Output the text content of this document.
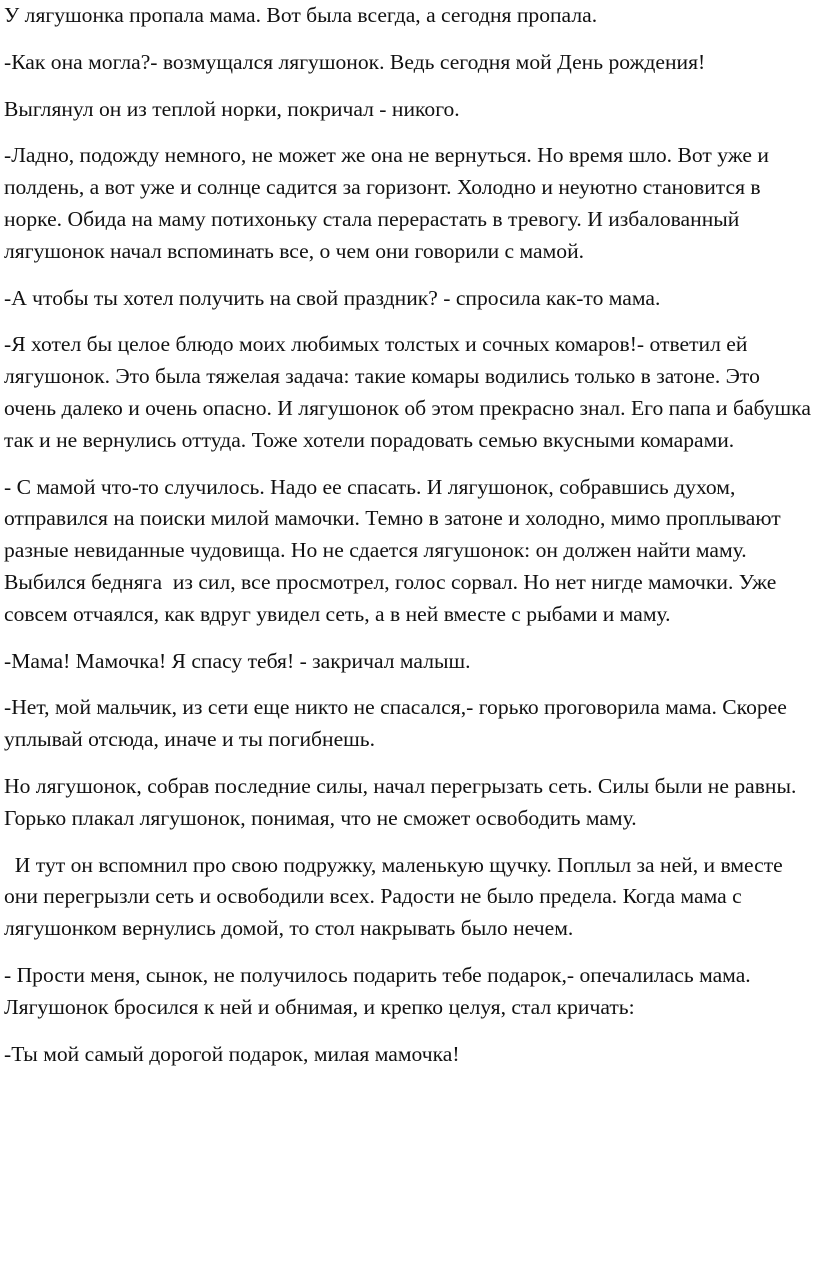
У лягушонка пропала мама. Вот была всегда, а сегодня пропала.

-Как она могла?- возмущался лягушонок. Ведь сегодня мой День рождения!

Выглянул он из теплой норки, покричал - никого.

-Ладно, подожду немного, не может же она не вернуться. Но время шло. Вот уже и полдень, а вот уже и солнце садится за горизонт. Холодно и неуютно становится в норке. Обида на маму потихоньку стала перерастать в тревогу. И избалованный лягушонок начал вспоминать все, о чем они говорили с мамой.

-А чтобы ты хотел получить на свой праздник? - спросила как-то мама.

-Я хотел бы целое блюдо моих любимых толстых и сочных комаров!- ответил ей лягушонок. Это была тяжелая задача: такие комары водились только в затоне. Это очень далеко и очень опасно. И лягушонок об этом прекрасно знал. Его папа и бабушка так и не вернулись оттуда. Тоже хотели порадовать семью вкусными комарами.

- С мамой что-то случилось. Надо ее спасать. И лягушонок, собравшись духом, отправился на поиски милой мамочки. Темно в затоне и холодно, мимо проплывают разные невиданные чудовища. Но не сдается лягушонок: он должен найти маму. Выбился бедняга  из сил, все просмотрел, голос сорвал. Но нет нигде мамочки. Уже совсем отчаялся, как вдруг увидел сеть, а в ней вместе с рыбами и маму.

-Мама! Мамочка! Я спасу тебя! - закричал малыш.

-Нет, мой мальчик, из сети еще никто не спасался,- горько проговорила мама. Скорее уплывай отсюда, иначе и ты погибнешь.

Но лягушонок, собрав последние силы, начал перегрызать сеть. Силы были не равны. Горько плакал лягушонок, понимая, что не сможет освободить маму.

И тут он вспомнил про свою подружку, маленькую щучку. Поплыл за ней, и вместе они перегрызли сеть и освободили всех. Радости не было предела. Когда мама с лягушонком вернулись домой, то стол накрывать было нечем.

- Прости меня, сынок, не получилось подарить тебе подарок,- опечалилась мама. Лягушонок бросился к ней и обнимая, и крепко целуя, стал кричать:

-Ты мой самый дорогой подарок, милая мамочка!
